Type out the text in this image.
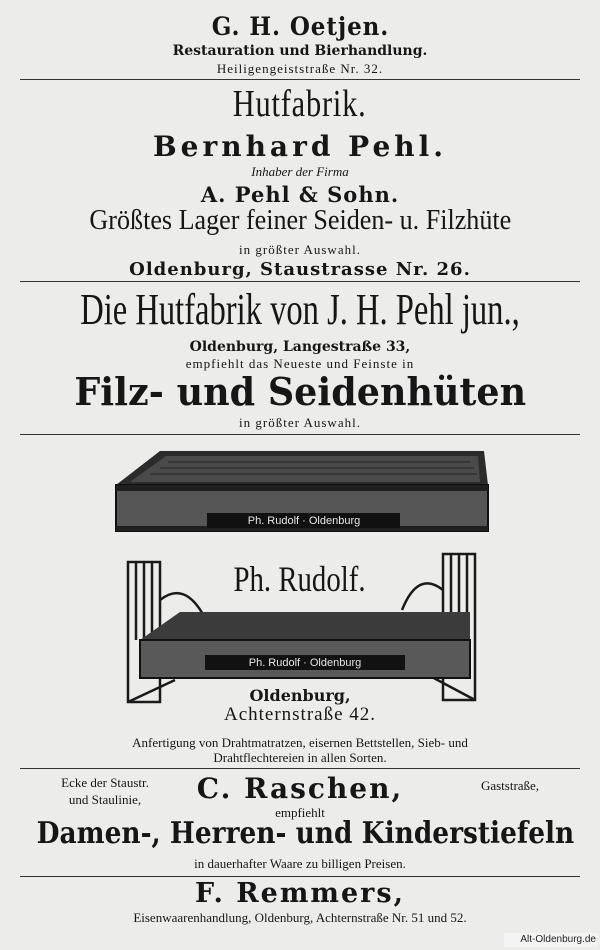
G. H. Oetjen.
Restauration und Bierhandlung.
Heiligengeiststraße Nr. 32.
Hutfabrik.
Bernhard Pehl.
Inhaber der Firma
A. Pehl & Sohn.
Größtes Lager feiner Seiden- u. Filzhüte
in größter Auswahl.
Oldenburg, Staustrasse Nr. 26.
Die Hutfabrik von J. H. Pehl jun.,
Oldenburg, Langestraße 33,
empfiehlt das Neueste und Feinste in
Filz- und Seidenhüten
in größter Auswahl.
Ph. Rudolf · Oldenburg
Ph. Rudolf · Oldenburg
Ph. Rudolf.
Oldenburg,
Achternstraße 42.
Anfertigung von Drahtmatratzen, eisernen Bettstellen, Sieb- und
Drahtflechtereien in allen Sorten.
Ecke der Staustr.
und Staulinie,	C. Raschen,	Gaststraße,
empfiehlt
Damen-, Herren- und Kinderstiefeln
in dauerhafter Waare zu billigen Preisen.
F. Remmers,
Eisenwaarenhandlung, Oldenburg, Achternstraße Nr. 51 und 52.
Alt-Oldenburg.de
